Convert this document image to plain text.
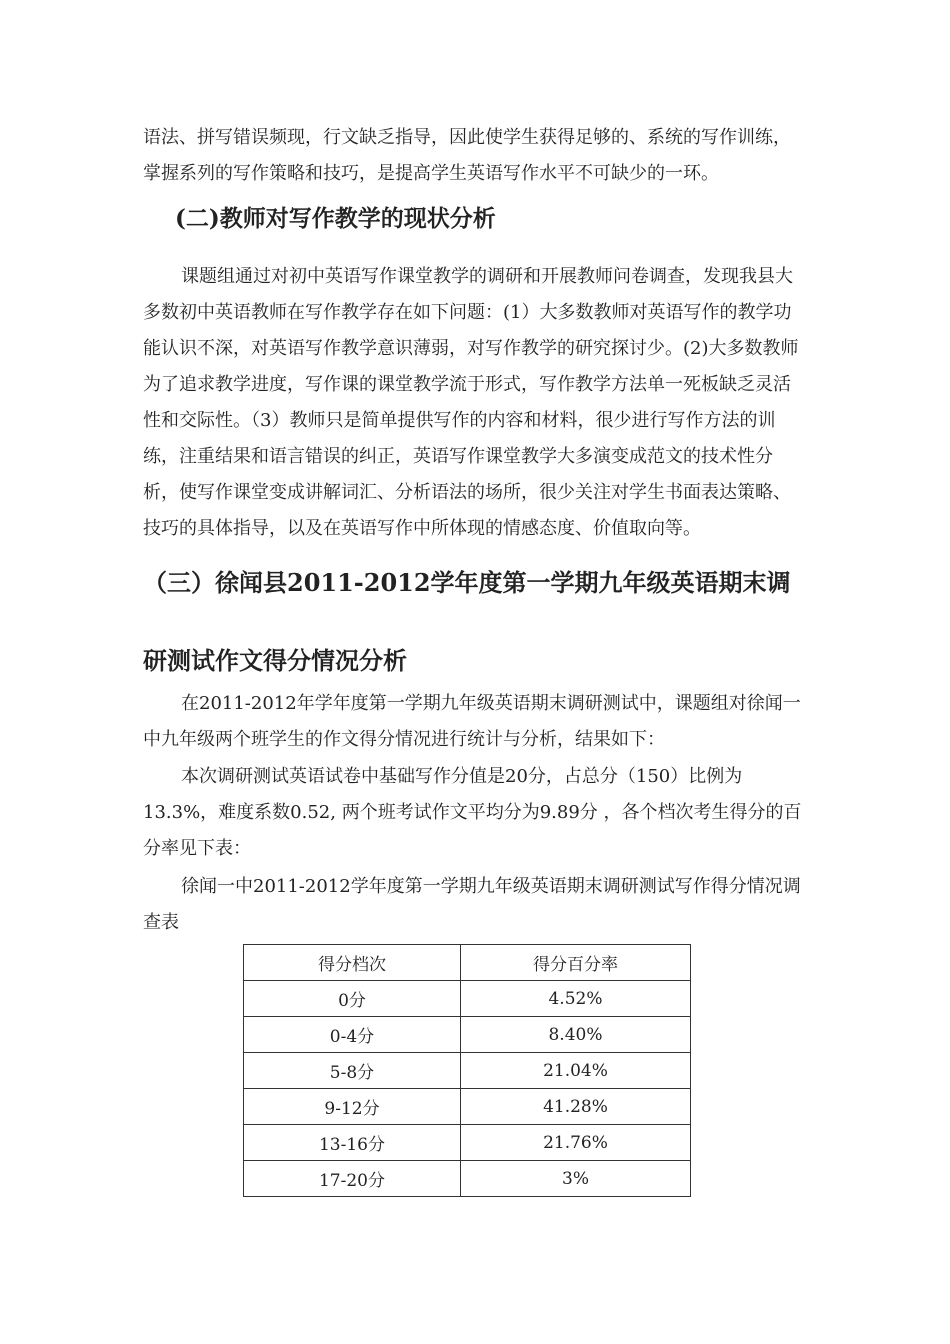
语法、拼写错误频现，行文缺乏指导，因此使学生获得足够的、系统的写作训练，掌握系列的写作策略和技巧，是提高学生英语写作水平不可缺少的一环。

(二)教师对写作教学的现状分析

课题组通过对初中英语写作课堂教学的调研和开展教师问卷调查，发现我县大多数初中英语教师在写作教学存在如下问题：(1）大多数教师对英语写作的教学功能认识不深，对英语写作教学意识薄弱，对写作教学的研究探讨少。(2)大多数教师为了追求教学进度，写作课的课堂教学流于形式，写作教学方法单一死板缺乏灵活性和交际性。（3）教师只是简单提供写作的内容和材料，很少进行写作方法的训练，注重结果和语言错误的纠正，英语写作课堂教学大多演变成范文的技术性分析，使写作课堂变成讲解词汇、分析语法的场所，很少关注对学生书面表达策略、技巧的具体指导，以及在英语写作中所体现的情感态度、价值取向等。

（三）徐闻县2011-2012学年度第一学期九年级英语期末调研测试作文得分情况分析

在2011-2012年学年度第一学期九年级英语期末调研测试中，课题组对徐闻一中九年级两个班学生的作文得分情况进行统计与分析，结果如下：

本次调研测试英语试卷中基础写作分值是20分，占总分（150）比例为13.3%，难度系数0.52, 两个班考试作文平均分为9.89分 ，各个档次考生得分的百分率见下表：

徐闻一中2011-2012学年度第一学期九年级英语期末调研测试写作得分情况调查表

得分档次	得分百分率
0分	4.52%
0-4分	8.40%
5-8分	21.04%
9-12分	41.28%
13-16分	21.76%
17-20分	3%
